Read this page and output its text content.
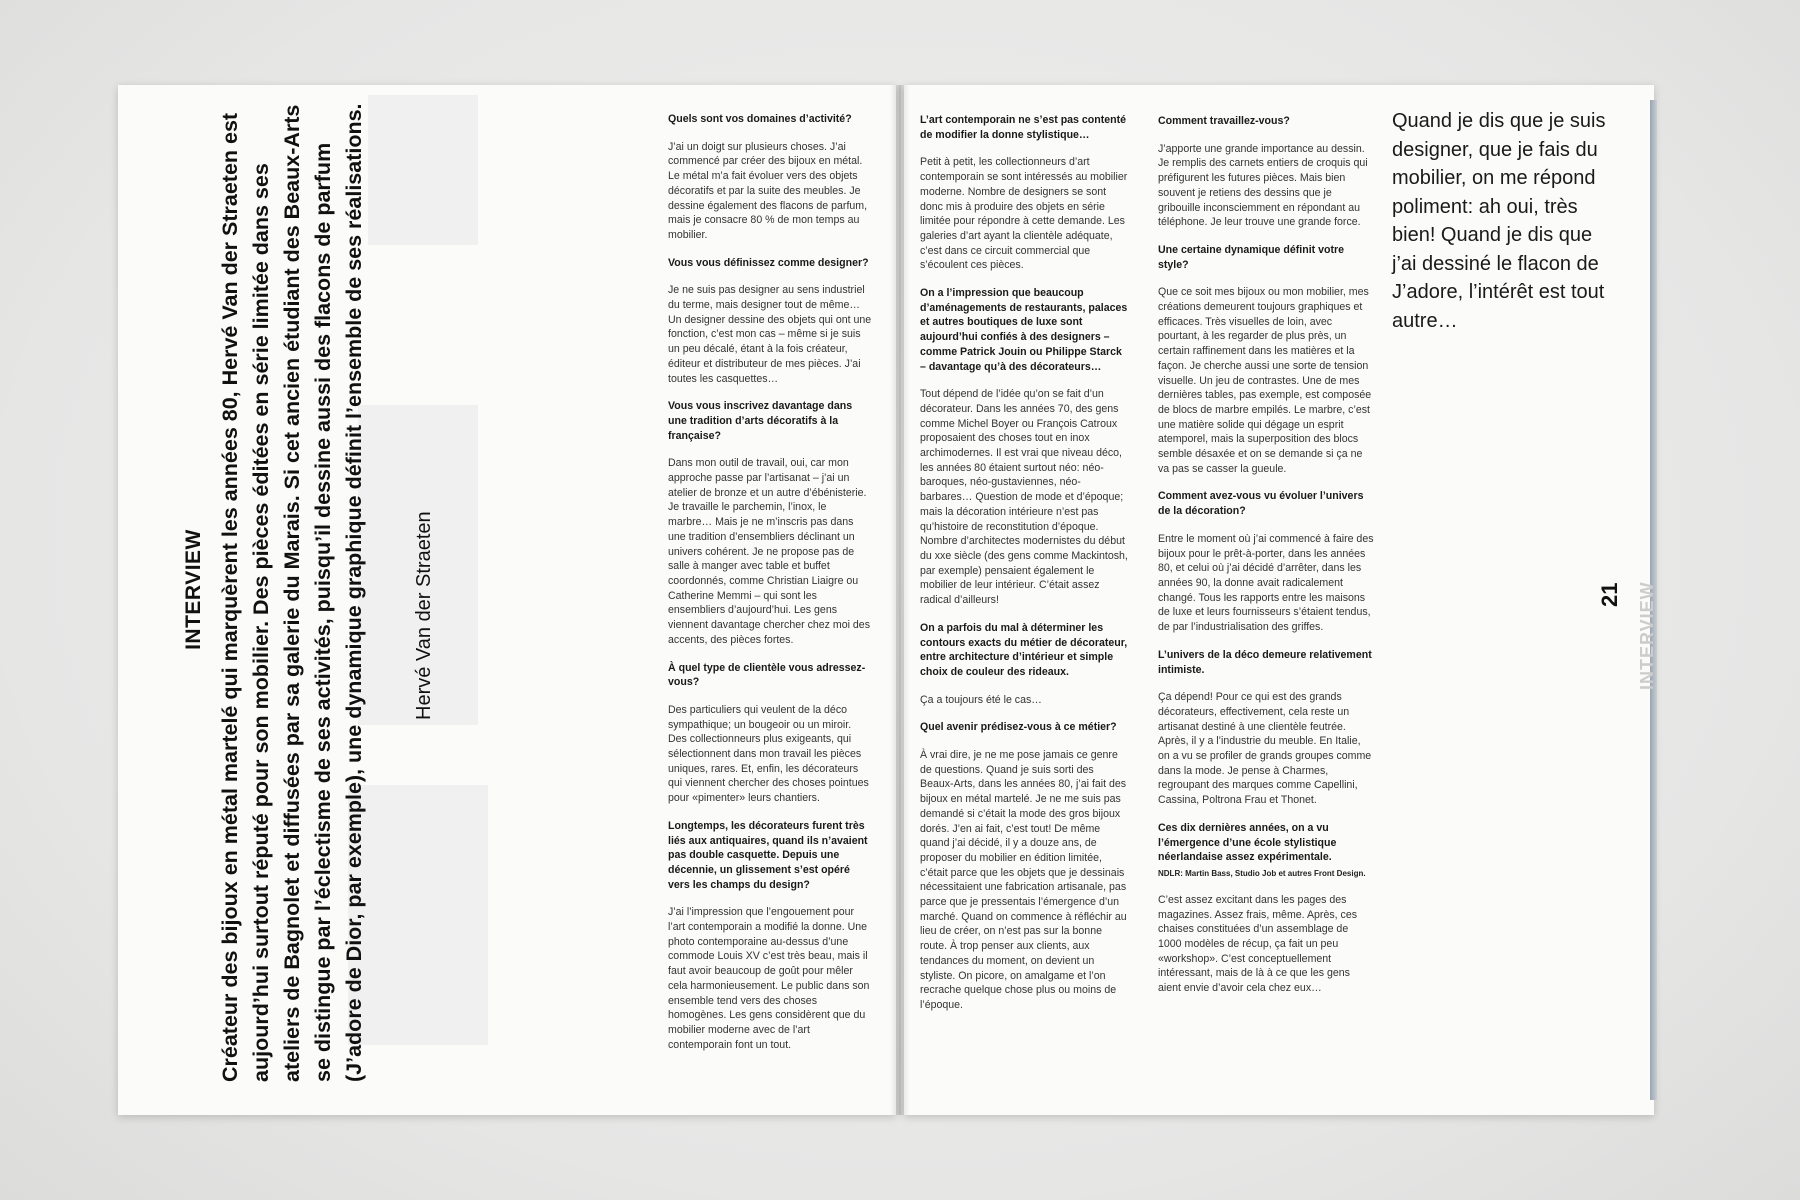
INTERVIEW Créateur des bijoux en métal martelé qui marquèrent les années 80, Hervé Van der Straeten est aujourd’hui surtout réputé pour son mobilier. Des pièces éditées en série limitée dans ses ateliers de Bagnolet et diffusées par sa galerie du Marais. Si cet ancien étudiant des Beaux-Arts se distingue par l’éclectisme de ses activités, puisqu’il dessine aussi des flacons de parfum (J’adore de Dior, par exemple), une dynamique graphique définit l’ensemble de ses réalisations. Hervé Van der Straeten

Quels sont vos domaines d’activité?

J’ai un doigt sur plusieurs choses. J’ai commencé par créer des bijoux en métal. Le métal m’a fait évoluer vers des objets décoratifs et par la suite des meubles. Je dessine également des flacons de parfum, mais je consacre 80 % de mon temps au mobilier.

Vous vous définissez comme designer?

Je ne suis pas designer au sens industriel du terme, mais designer tout de même… Un designer dessine des objets qui ont une fonction, c’est mon cas – même si je suis un peu décalé, étant à la fois créateur, éditeur et distributeur de mes pièces. J’ai toutes les casquettes…

Vous vous inscrivez davantage dans une tradition d’arts décoratifs à la française?

Dans mon outil de travail, oui, car mon approche passe par l’artisanat – j’ai un atelier de bronze et un autre d’ébénisterie. Je travaille le parchemin, l’inox, le marbre… Mais je ne m’inscris pas dans une tradition d’ensembliers déclinant un univers cohérent. Je ne propose pas de salle à manger avec table et buffet coordonnés, comme Christian Liaigre ou Catherine Memmi – qui sont les ensembliers d’aujourd’hui. Les gens viennent davantage chercher chez moi des accents, des pièces fortes.

À quel type de clientèle vous adressez-vous?

Des particuliers qui veulent de la déco sympathique; un bougeoir ou un miroir. Des collectionneurs plus exigeants, qui sélectionnent dans mon travail les pièces uniques, rares. Et, enfin, les décorateurs qui viennent chercher des choses pointues pour «pimenter» leurs chantiers.

Longtemps, les décorateurs furent très liés aux antiquaires, quand ils n’avaient pas double casquette. Depuis une décennie, un glissement s’est opéré vers les champs du design?

J’ai l’impression que l’engouement pour l’art contemporain a modifié la donne. Une photo contemporaine au-dessus d’une commode Louis XV c’est très beau, mais il faut avoir beaucoup de goût pour mêler cela harmonieusement. Le public dans son ensemble tend vers des choses homogènes. Les gens considèrent que du mobilier moderne avec de l’art contemporain font un tout.

L’art contemporain ne s’est pas contenté de modifier la donne stylistique…

Petit à petit, les collectionneurs d’art contemporain se sont intéressés au mobilier moderne. Nombre de designers se sont donc mis à produire des objets en série limitée pour répondre à cette demande. Les galeries d’art ayant la clientèle adéquate, c’est dans ce circuit commercial que s’écoulent ces pièces.

On a l’impression que beaucoup d’aménagements de restaurants, palaces et autres boutiques de luxe sont aujourd’hui confiés à des designers – comme Patrick Jouin ou Philippe Starck – davantage qu’à des décorateurs…

Tout dépend de l’idée qu’on se fait d’un décorateur. Dans les années 70, des gens comme Michel Boyer ou François Catroux proposaient des choses tout en inox archimodernes. Il est vrai que niveau déco, les années 80 étaient surtout néo: néo-baroques, néo-gustaviennes, néo-barbares… Question de mode et d’époque; mais la décoration intérieure n’est pas qu’histoire de reconstitution d’époque. Nombre d’architectes modernistes du début du xxe siècle (des gens comme Mackintosh, par exemple) pensaient également le mobilier de leur intérieur. C’était assez radical d’ailleurs!

On a parfois du mal à déterminer les contours exacts du métier de décorateur, entre architecture d’intérieur et simple choix de couleur des rideaux.

Ça a toujours été le cas…

Quel avenir prédisez-vous à ce métier?

À vrai dire, je ne me pose jamais ce genre de questions. Quand je suis sorti des Beaux-Arts, dans les années 80, j’ai fait des bijoux en métal martelé. Je ne me suis pas demandé si c’était la mode des gros bijoux dorés. J’en ai fait, c’est tout! De même quand j’ai décidé, il y a douze ans, de proposer du mobilier en édition limitée, c’était parce que les objets que je dessinais nécessitaient une fabrication artisanale, pas parce que je pressentais l’émergence d’un marché. Quand on commence à réfléchir au lieu de créer, on n’est pas sur la bonne route. À trop penser aux clients, aux tendances du moment, on devient un styliste. On picore, on amalgame et l’on recrache quelque chose plus ou moins de l’époque.

Comment travaillez-vous?

J’apporte une grande importance au dessin. Je remplis des carnets entiers de croquis qui préfigurent les futures pièces. Mais bien souvent je retiens des dessins que je gribouille inconsciemment en répondant au téléphone. Je leur trouve une grande force.

Une certaine dynamique définit votre style?

Que ce soit mes bijoux ou mon mobilier, mes créations demeurent toujours graphiques et efficaces. Très visuelles de loin, avec pourtant, à les regarder de plus près, un certain raffinement dans les matières et la façon. Je cherche aussi une sorte de tension visuelle. Un jeu de contrastes. Une de mes dernières tables, pas exemple, est composée de blocs de marbre empilés. Le marbre, c’est une matière solide qui dégage un esprit atemporel, mais la superposition des blocs semble désaxée et on se demande si ça ne va pas se casser la gueule.

Comment avez-vous vu évoluer l’univers de la décoration?

Entre le moment où j’ai commencé à faire des bijoux pour le prêt-à-porter, dans les années 80, et celui où j’ai décidé d’arrêter, dans les années 90, la donne avait radicalement changé. Tous les rapports entre les maisons de luxe et leurs fournisseurs s’étaient tendus, de par l’industrialisation des griffes.

L’univers de la déco demeure relativement intimiste.

Ça dépend! Pour ce qui est des grands décorateurs, effectivement, cela reste un artisanat destiné à une clientèle feutrée. Après, il y a l’industrie du meuble. En Italie, on a vu se profiler de grands groupes comme dans la mode. Je pense à Charmes, regroupant des marques comme Capellini, Cassina, Poltrona Frau et Thonet.

Ces dix dernières années, on a vu l’émergence d’une école stylistique néerlandaise assez expérimentale.

NDLR: Martin Bass, Studio Job et autres Front Design.

C’est assez excitant dans les pages des magazines. Assez frais, même. Après, ces chaises constituées d’un assemblage de 1000 modèles de récup, ça fait un peu «workshop». C’est conceptuellement intéressant, mais de là à ce que les gens aient envie d’avoir cela chez eux…

Quand je dis que je suis designer, que je fais du mobilier, on me répond poliment: ah oui, très bien! Quand je dis que j’ai dessiné le flacon de J’adore, l’intérêt est tout autre…
21 INTERVIEW
